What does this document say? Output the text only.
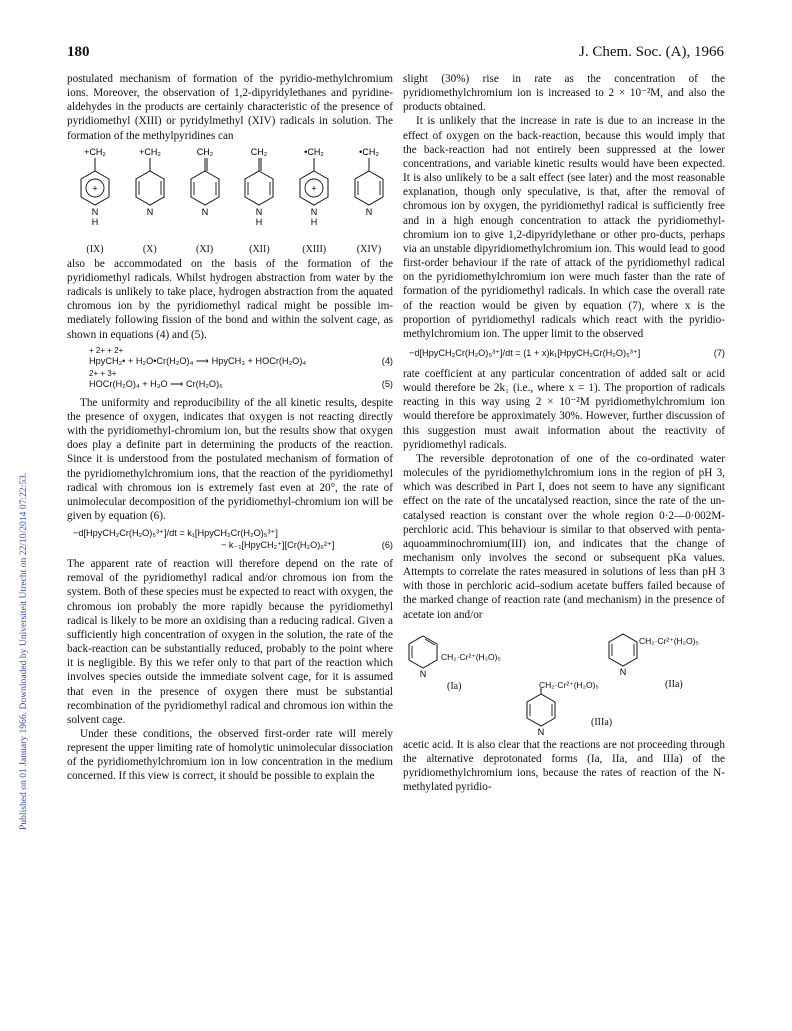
180	J. Chem. Soc. (A), 1966
Published on 01 January 1966. Downloaded by Universiteit Utrecht on 22/10/2014 07:22:53.

postulated mechanism of formation of the pyridio-methylchromium ions. Moreover, the observation of 1,2-dipyridylethanes and pyridine-aldehydes in the products are certainly characteristic of the presence of pyridiomethyl (XIII) or pyridylmethyl (XIV) radicals in solution. The formation of the methylpyridines can

+CH₂
+
N
H
(IX)
+CH₂
N
(X)
CH₂
N
(XI)
CH₂
N
H
(XII)
•CH₂
+
N
H
(XIII)
•CH₂
N
(XIV)

also be accommodated on the basis of the formation of the pyridiomethyl radicals. Whilst hydrogen abstraction from water by the radicals is unlikely to take place, hydrogen abstraction from the aquated chromous ion by the pyridiomethyl radical might be possible im-mediately following fission of the bond and within the solvent cage, as shown in equations (4) and (5).

+ 2+ + 2+
HpyCH₂• + H₂O•Cr(H₂O)₄ ⟶ HpyCH₃ + HOCr(H₂O)₄	(4)
2+ + 3+
HOCr(H₂O)₄ + H₃O ⟶ Cr(H₂O)₆	(5)

The uniformity and reproducibility of the all kinetic results, despite the presence of oxygen, indicates that oxygen is not reacting directly with the pyridiomethyl-chromium ion, but the results show that oxygen does play a definite part in determining the products of the reaction. Since it is understood from the postulated mechanism of formation of the pyridiomethylchromium ions, that the reaction of the pyridiomethyl radical with chromous ion is extremely fast even at 20°, the rate of unimolecular decomposition of the pyridiomethyl-chromium ion will be given by equation (6).

−d[HpyCH₂Cr(H₂O)₅³⁺]/dt = k₁[HpyCH₂Cr(H₂O)₅³⁺]
− k₋₁[HpyCH₂⁺][Cr(H₂O)₆²⁺]	(6)

The apparent rate of reaction will therefore depend on the rate of removal of the pyridiomethyl radical and/or chromous ion from the system. Both of these species must be expected to react with oxygen, the chromous ion probably the more rapidly because the pyridiomethyl radical is likely to be more an oxidising than a reducing radical. Given a sufficiently high concentration of oxygen in the solution, the rate of the back-reaction can be substantially reduced, probably to the point where it is negligible. By this we refer only to that part of the reaction which involves species outside the immediate solvent cage, for it is assumed that even in the presence of oxygen there must be substantial recombination of the pyridiomethyl radical and chromous ion within the solvent cage.

Under these conditions, the observed first-order rate will merely represent the upper limiting rate of homolytic unimolecular dissociation of the pyridiomethylchromium ion in low concentration in the medium concerned. If this view is correct, it should be possible to explain the

slight (30%) rise in rate as the concentration of the pyridiomethylchromium ion is increased to 2 × 10⁻²M, and also the products obtained.

It is unlikely that the increase in rate is due to an increase in the effect of oxygen on the back-reaction, because this would imply that the back-reaction had not entirely been suppressed at the lower concentrations, and variable kinetic results would have been expected. It is also unlikely to be a salt effect (see later) and the most reasonable explanation, though only speculative, is that, after the removal of chromous ion by oxygen, the pyridiomethyl radical is sufficiently free and in a high enough concentration to attack the pyridiomethyl-chromium ion to give 1,2-dipyridylethane or other pro-ducts, perhaps via an unstable dipyridiomethylchromium ion. This would lead to good first-order behaviour if the rate of attack of the pyridiomethyl radical on the pyridiomethylchromium ion were much faster than the rate of formation of the pyridiomethyl radicals. In which case the overall rate of the reaction would be given by equation (7), where x is the proportion of pyridiomethyl radicals which react with the pyridio-methylchromium ion. The upper limit to the observed

−d[HpyCH₂Cr(H₂O)₅³⁺]/dt = (1 + x)k₁[HpyCH₂Cr(H₂O)₅³⁺]	(7)

rate coefficient at any particular concentration of added salt or acid would therefore be 2k₁ (i.e., where x = 1). The proportion of radicals reacting in this way using 2 × 10⁻²M pyridiomethylchromium ion would therefore be approximately 30%. However, further discussion of this suggestion must await information about the reactivity of pyridiomethyl radicals.

The reversible deprotonation of one of the co-ordinated water molecules of the pyridiomethylchromium ions in the region of pH 3, which was described in Part I, does not seem to have any significant effect on the rate of the uncatalysed reaction, since the rate of the un-catalysed reaction is constant over the whole region 0·2—0·002M-perchloric acid. This behaviour is similar to that observed with penta-aquoamminochromium(III) ion, and indicates that the change of mechanism only involves the second or subsequent pKa values. Attempts to correlate the rates measured in solutions of less than pH 3 with those in perchloric acid–sodium acetate buffers failed because of the marked change of reaction rate (and mechanism) in the presence of acetate ion and/or

N
CH₂·Cr²⁺(H₂O)₅
(Ia)
N
CH₂·Cr²⁺(H₂O)₅
(IIa)
CH₂·Cr²⁺(H₂O)₅
N
(IIIa)

acetic acid. It is also clear that the reactions are not proceeding through the alternative deprotonated forms (Ia, IIa, and IIIa) of the pyridiomethylchromium ions, because the rates of reaction of the N-methylated pyridio-
